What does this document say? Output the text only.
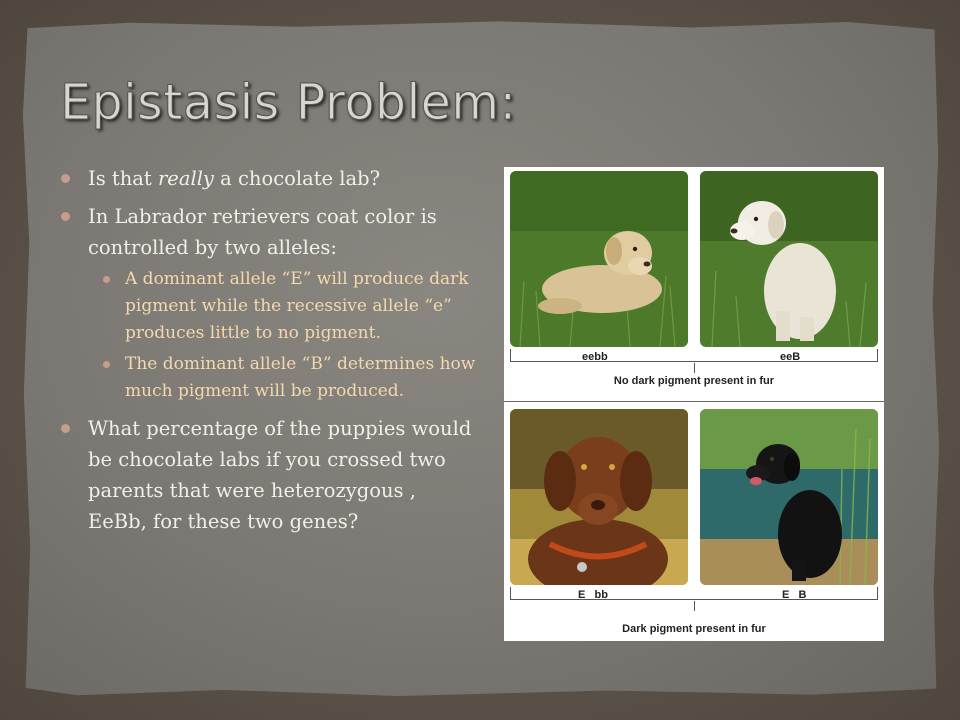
Epistasis Problem:
Is that really a chocolate lab?
In Labrador retrievers coat color is controlled by two alleles:
A dominant allele “E” will produce dark pigment while the recessive allele “e” produces little to no pigment.
The dominant allele “B” determines how much pigment will be produced.
What percentage of the puppies would be chocolate labs if you crossed two parents that were heterozygous , EeBb, for these two genes?
eebb	eeB
No dark pigment present in fur
E   bb	E   B
Dark pigment present in fur
